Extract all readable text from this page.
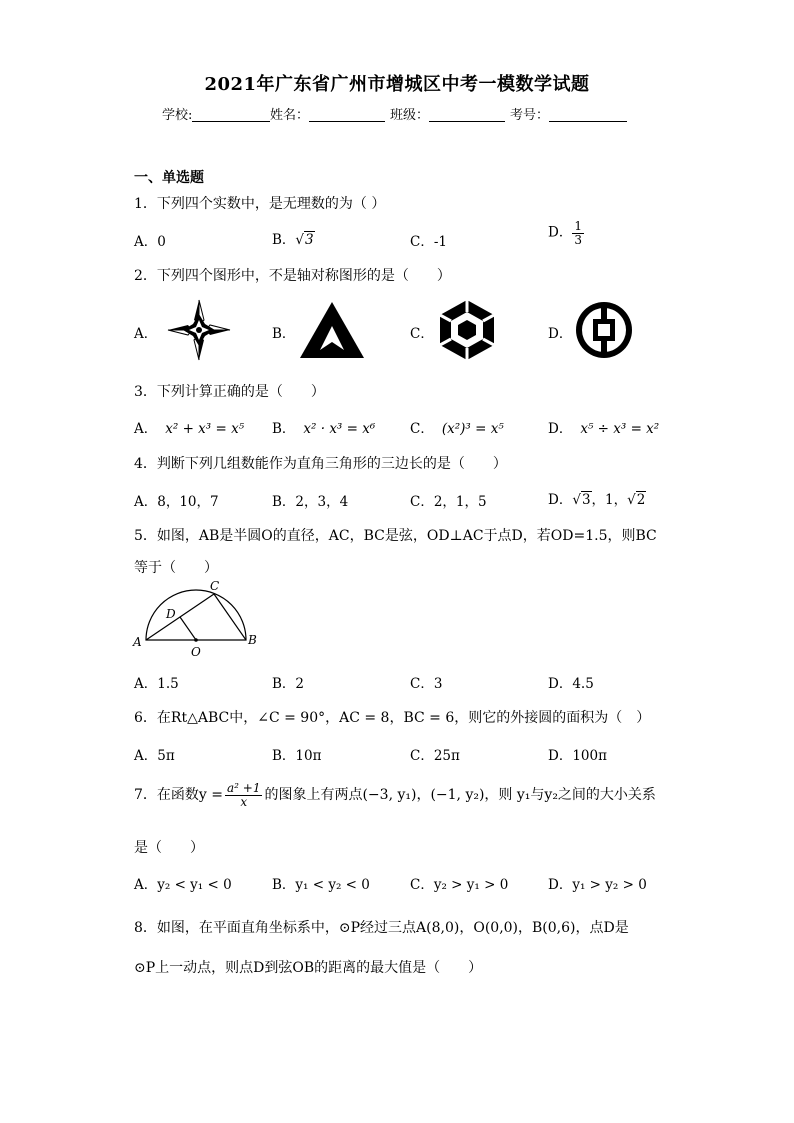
2021年广东省广州市增城区中考一模数学试题
学校:	姓名：	班级：	考号：
一、单选题
1．下列四个实数中，是无理数的为（ ）
A．0	B．√3	C．-1
D． $\frac{1}{3}$
2．下列四个图形中，不是轴对称图形的是（　　）
A．	B．	C．	D．
3．下列计算正确的是（　　）
A． x² + x³ = x⁵ B． x² · x³ = x⁶	C． (x²)³ = x⁵	D． x⁵ ÷ x³ = x²
4．判断下列几组数能作为直角三角形的三边长的是（　　）
A．8，10，7	B．2，3，4	C．2，1，5	D．√3，1，√2
5．如图，AB是半圆O的直径，AC，BC是弦，OD⊥AC于点D，若OD=1.5，则BC
等于（　　）
A	B
C
D
O
A．1.5	B．2	C．3	D．4.5
6．在Rt△ABC中，∠C = 90°，AC = 8，BC = 6，则它的外接圆的面积为（　）
A．5π	B．10π	C．25π	D．100π
7．在函数$y = \frac{\text{a² +1}}{x}$ 的图象上有两点(−3, y₁)，(−1, y₂)，则 y₁与y₂之间的大小关系
是（　　）
A．y₂ < y₁ < 0	B．y₁ < y₂ < 0	C．y₂ > y₁ > 0	D．y₁ > y₂ > 0
8．如图，在平面直角坐标系中，⊙P经过三点A(8,0)，O(0,0)，B(0,6)，点D是
⊙P上一动点，则点D到弦OB的距离的最大值是（　　）
